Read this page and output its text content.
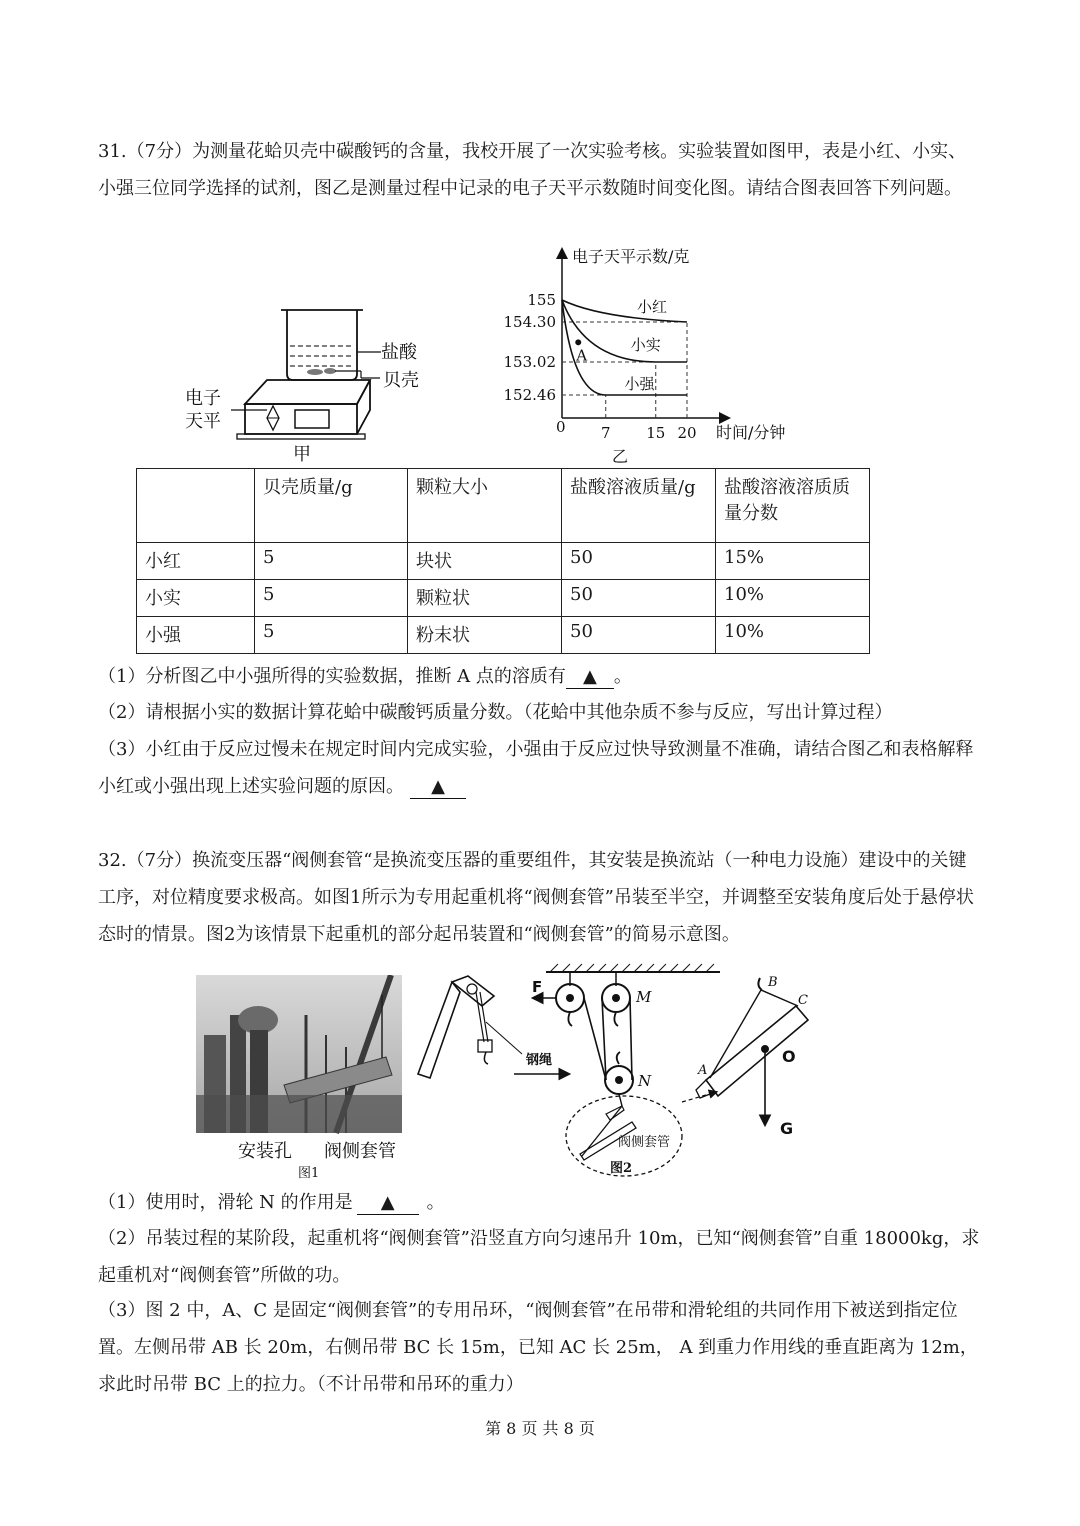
31.（7分）为测量花蛤贝壳中碳酸钙的含量，我校开展了一次实验考核。实验装置如图甲，表是小红、小实、小强三位同学选择的试剂，图乙是测量过程中记录的电子天平示数随时间变化图。请结合图表回答下列问题。

盐酸
贝壳
电子
天平
甲
电子天平示数/克
时间/分钟
0
乙
155
154.30
153.02
152.46
7 15 20
小红
小实
小强
A
	贝壳质量/g	颗粒大小	盐酸溶液质量/g	盐酸溶液溶质质量分数
小红	5	块状	50	15%
小实	5	颗粒状	50	10%
小强	5	粉末状	50	10%

（1）分析图乙中小强所得的实验数据，推断 A 点的溶质有 ▲ 。

（2）请根据小实的数据计算花蛤中碳酸钙质量分数。（花蛤中其他杂质不参与反应，写出计算过程）

（3）小红由于反应过慢未在规定时间内完成实验，小强由于反应过快导致测量不准确，请结合图乙和表格解释小红或小强出现上述实验问题的原因。 ▲

32.（7分）换流变压器“阀侧套管“是换流变压器的重要组件，其安装是换流站（一种电力设施）建设中的关键工序，对位精度要求极高。如图1所示为专用起重机将“阀侧套管”吊装至半空，并调整至安装角度后处于悬停状态时的情景。图2为该情景下起重机的部分起吊装置和“阀侧套管”的简易示意图。

安装孔 阀侧套管
图1
钢绳
F
M
N
阀侧套管
图2
B
C
A
O
G

（1）使用时，滑轮 N 的作用是 ▲ 。

（2）吊装过程的某阶段，起重机将“阀侧套管”沿竖直方向匀速吊升 10m，已知“阀侧套管”自重 18000kg，求起重机对“阀侧套管”所做的功。

（3）图 2 中，A、C 是固定“阀侧套管”的专用吊环，“阀侧套管”在吊带和滑轮组的共同作用下被送到指定位置。左侧吊带 AB 长 20m，右侧吊带 BC 长 15m，已知 AC 长 25m， A 到重力作用线的垂直距离为 12m，求此时吊带 BC 上的拉力。（不计吊带和吊环的重力）

第 8 页 共 8 页
